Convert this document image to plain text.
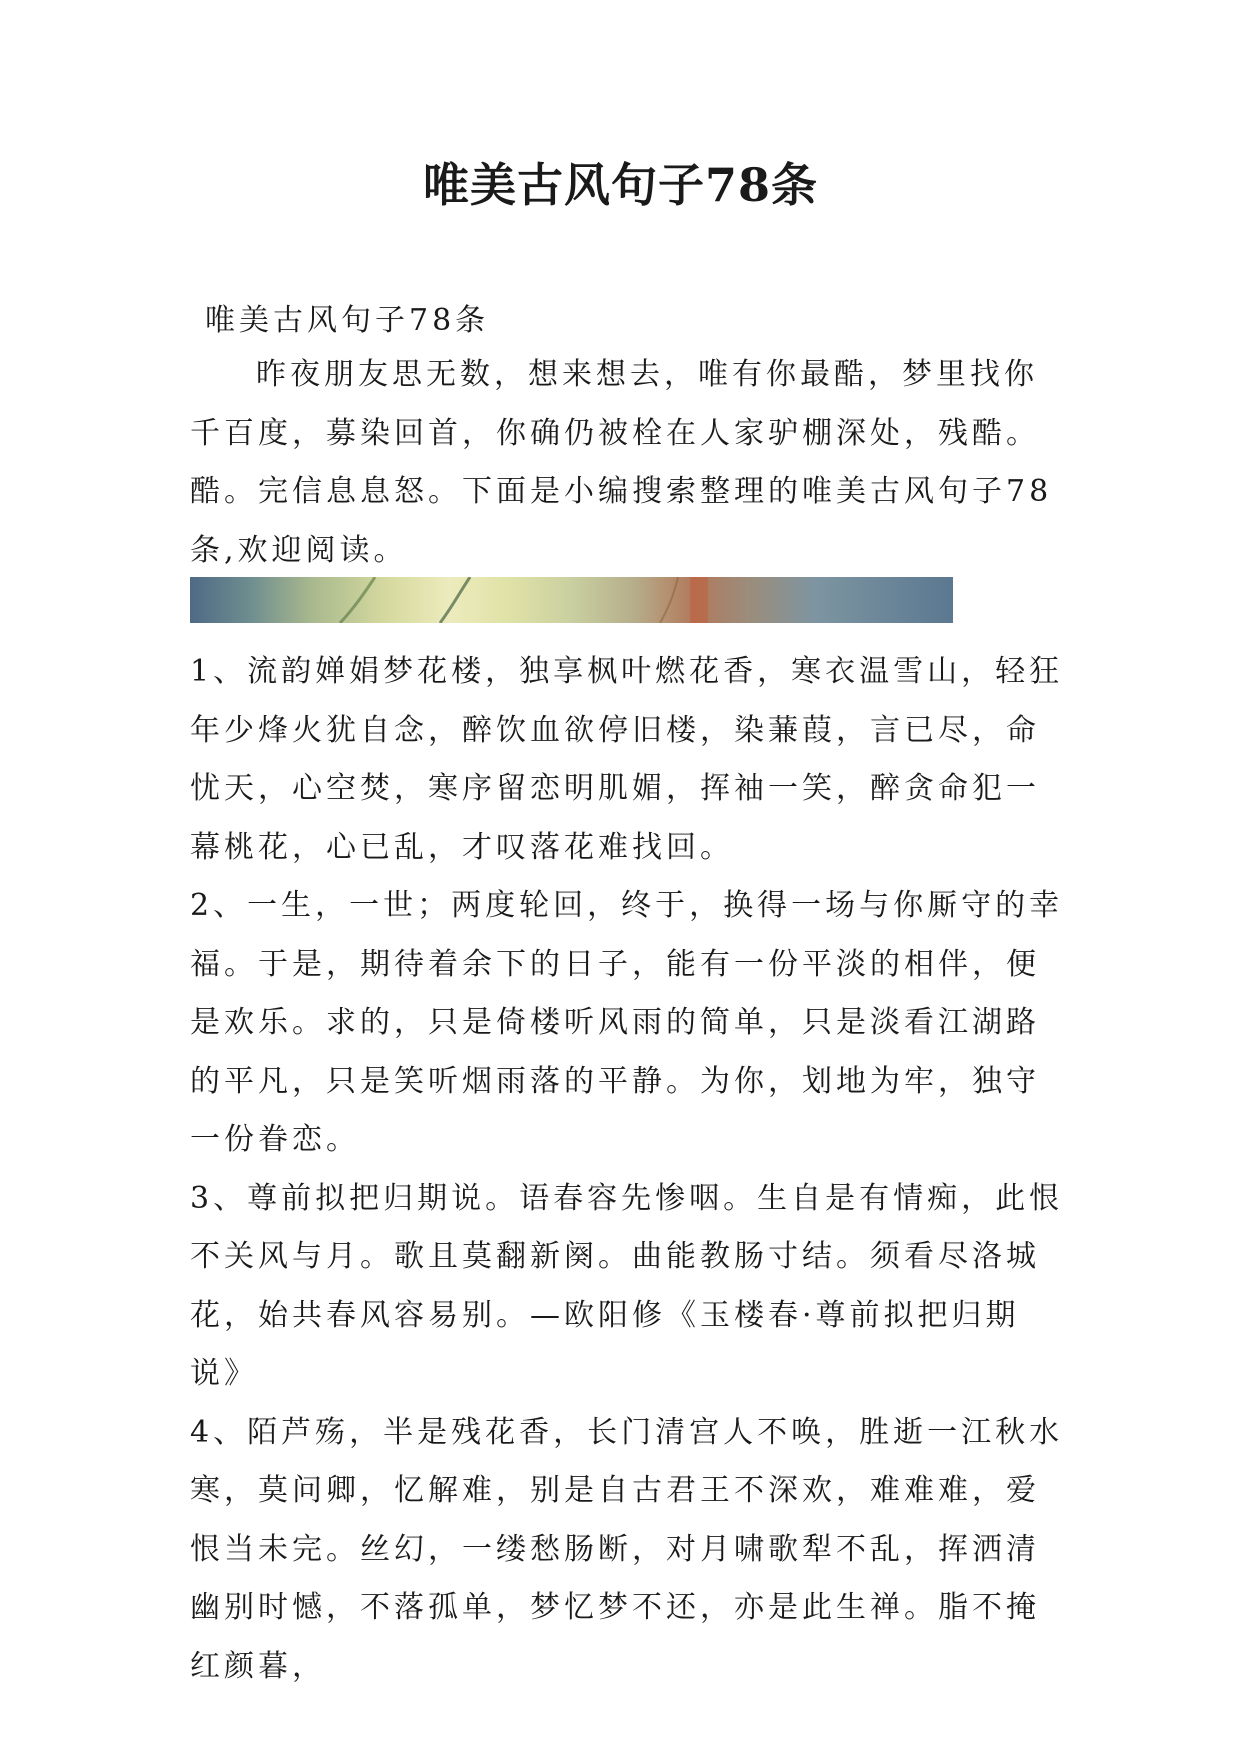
唯美古风句子78条
唯美古风句子78条

昨夜朋友思无数，想来想去，唯有你最酷，梦里找你千百度，募染回首，你确仍被栓在人家驴棚深处，残酷。酷。完信息息怒。下面是小编搜索整理的唯美古风句子78条,欢迎阅读。

1、流韵婵娟梦花楼，独享枫叶燃花香，寒衣温雪山，轻狂年少烽火犹自念，醉饮血欲停旧楼，染蒹葭，言已尽，命忧天，心空焚，寒序留恋明肌媚，挥袖一笑，醉贪命犯一幕桃花，心已乱，才叹落花难找回。

2、一生，一世；两度轮回，终于，换得一场与你厮守的幸福。于是，期待着余下的日子，能有一份平淡的相伴，便是欢乐。求的，只是倚楼听风雨的简单，只是淡看江湖路的平凡，只是笑听烟雨落的平静。为你，划地为牢，独守一份眷恋。

3、尊前拟把归期说。语春容先惨咽。生自是有情痴，此恨不关风与月。歌且莫翻新阕。曲能教肠寸结。须看尽洛城花，始共春风容易别。—欧阳修《玉楼春·尊前拟把归期说》

4、陌芦殇，半是残花香，长门清宫人不唤，胜逝一江秋水寒，莫问卿，忆解难，别是自古君王不深欢，难难难，爱恨当未完。丝幻，一缕愁肠断，对月啸歌犁不乱，挥洒清幽别时憾，不落孤单，梦忆梦不还，亦是此生禅。脂不掩红颜暮，
